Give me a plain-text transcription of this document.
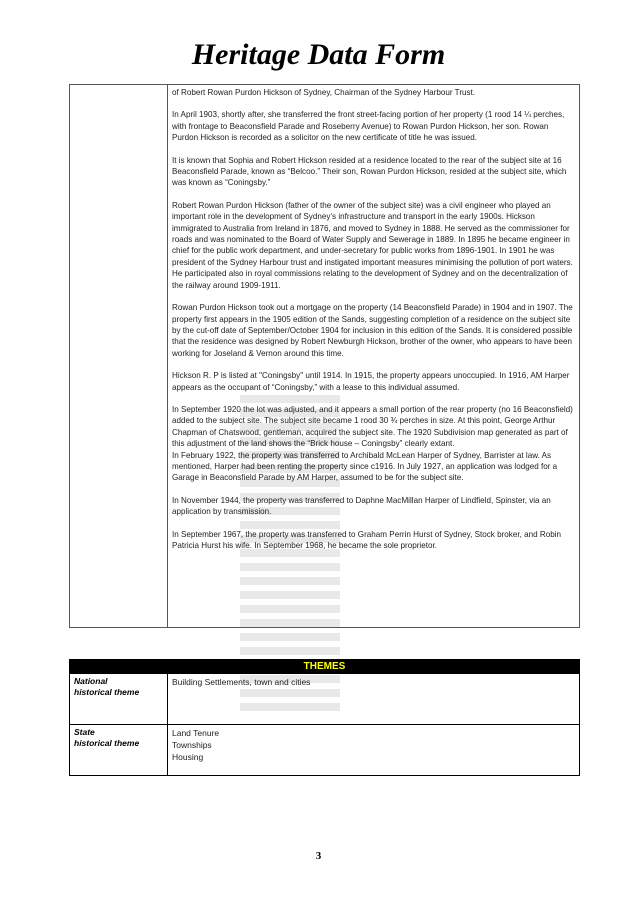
Heritage Data Form

of Robert Rowan Purdon Hickson of Sydney, Chairman of the Sydney Harbour Trust.

In April 1903, shortly after, she transferred the front street-facing portion of her property (1 rood 14 ¼ perches, with frontage to Beaconsfield Parade and Roseberry Avenue) to Rowan Purdon Hickson, her son. Rowan Purdon Hickson is recorded as a solicitor on the new certificate of title he was issued.

It is known that Sophia and Robert Hickson resided at a residence located to the rear of the subject site at 16 Beaconsfield Parade, known as “Belcoo.” Their son, Rowan Purdon Hickson, resided at the subject site, which was known as “Coningsby.”

Robert Rowan Purdon Hickson (father of the owner of the subject site) was a civil engineer who played an important role in the development of Sydney’s infrastructure and transport in the early 1900s. Hickson immigrated to Australia from Ireland in 1876, and moved to Sydney in 1888. He served as the commissioner for roads and was nominated to the Board of Water Supply and Sewerage in 1889. In 1895 he became engineer in chief for the public work department, and under-secretary for public works from 1896-1901. In 1901 he was president of the Sydney Harbour trust and instigated important measures minimising the pollution of port waters. He participated also in royal commissions relating to the development of Sydney and on the decentralization of the railway around 1909-1911.

Rowan Purdon Hickson took out a mortgage on the property (14 Beaconsfield Parade) in 1904 and in 1907. The property first appears in the 1905 edition of the Sands, suggesting completion of a residence on the subject site by the cut-off date of September/October 1904 for inclusion in this edition of the Sands. It is considered possible that the residence was designed by Robert Newburgh Hickson, brother of the owner, who appears to have been working for Joseland & Vernon around this time.

Hickson R. P is listed at "Coningsby" until 1914. In 1915, the property appears unoccupied. In 1916, AM Harper appears as the occupant of “Coningsby,” with a lease to this individual assumed.

In September 1920 the lot was adjusted, and it appears a small portion of the rear property (no 16 Beaconsfield) added to the subject site. The subject site became 1 rood 30 ¾ perches in size. At this point, George Arthur Chapman of Chatswood, gentleman, acquired the subject site. The 1920 Subdivision map generated as part of this adjustment of the land shows the “Brick house – Coningsby” clearly extant.

In February 1922, the property was transferred to Archibald McLean Harper of Sydney, Barrister at law. As mentioned, Harper had been renting the property since c1916. In July 1927, an application was lodged for a Garage in Beaconsfield Parade by AM Harper, assumed to be for the subject site.

In November 1944, the property was transferred to Daphne MacMillan Harper of Lindfield, Spinster, via an application by transmission.

In September 1967, the property was transferred to Graham Perrin Hurst of Sydney, Stock broker, and Robin Patricia Hurst his wife. In September 1968, he became the sole proprietor.

THEMES
National
historical theme
Building Settlements, town and cities
State
historical theme
Land Tenure
Townships
Housing
3
